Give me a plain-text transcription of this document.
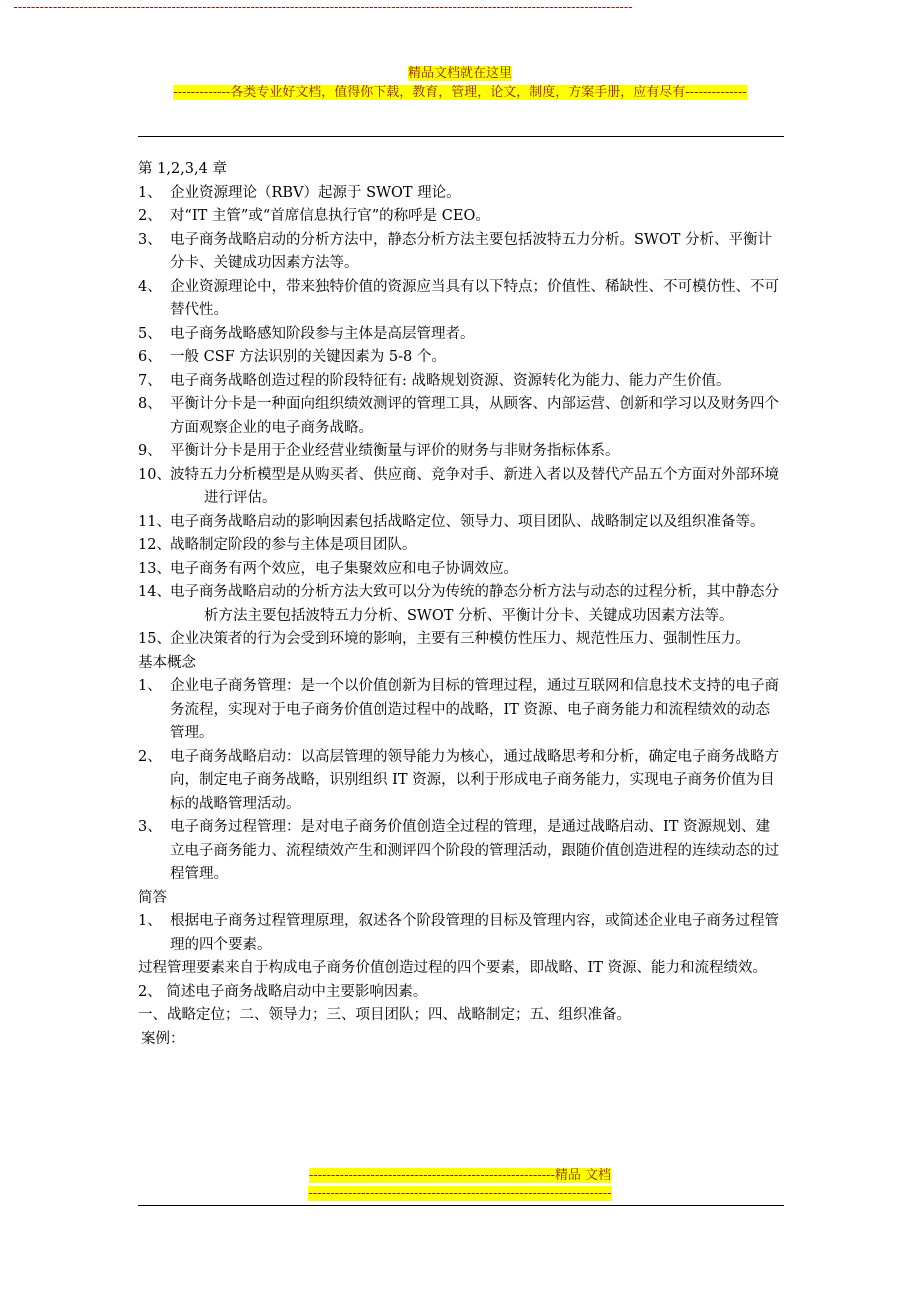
精品文档就在这里
-------------各类专业好文档，值得你下载，教育，管理，论文，制度，方案手册，应有尽有--------------
---------------------------------------------------------------------------------------------------------------------------------------------

第 1,2,3,4 章

1、 企业资源理论（RBV）起源于 SWOT 理论。
2、 对“IT 主管”或“首席信息执行官”的称呼是 CEO。
3、 电子商务战略启动的分析方法中，静态分析方法主要包括波特五力分析。SWOT 分析、平衡计分卡、关键成功因素方法等。
4、 企业资源理论中，带来独特价值的资源应当具有以下特点；价值性、稀缺性、不可模仿性、不可替代性。
5、 电子商务战略感知阶段参与主体是高层管理者。
6、 一般 CSF 方法识别的关键因素为 5-8 个。
7、 电子商务战略创造过程的阶段特征有: 战略规划资源、资源转化为能力、能力产生价值。
8、 平衡计分卡是一种面向组织绩效测评的管理工具，从顾客、内部运营、创新和学习以及财务四个方面观察企业的电子商务战略。
9、 平衡计分卡是用于企业经营业绩衡量与评价的财务与非财务指标体系。
10、 波特五力分析模型是从购买者、供应商、竞争对手、新进入者以及替代产品五个方面对外部环境进行评估。
11、 电子商务战略启动的影响因素包括战略定位、领导力、项目团队、战略制定以及组织准备等。
12、 战略制定阶段的参与主体是项目团队。
13、 电子商务有两个效应，电子集聚效应和电子协调效应。
14、 电子商务战略启动的分析方法大致可以分为传统的静态分析方法与动态的过程分析，其中静态分析方法主要包括波特五力分析、SWOT 分析、平衡计分卡、关键成功因素方法等。
15、 企业决策者的行为会受到环境的影响，主要有三种模仿性压力、规范性压力、强制性压力。

基本概念

1、 企业电子商务管理：是一个以价值创新为目标的管理过程，通过互联网和信息技术支持的电子商务流程，实现对于电子商务价值创造过程中的战略，IT 资源、电子商务能力和流程绩效的动态管理。
2、 电子商务战略启动：以高层管理的领导能力为核心，通过战略思考和分析，确定电子商务战略方向，制定电子商务战略，识别组织 IT 资源，以利于形成电子商务能力，实现电子商务价值为目标的战略管理活动。
3、 电子商务过程管理：是对电子商务价值创造全过程的管理，是通过战略启动、IT 资源规划、建立电子商务能力、流程绩效产生和测评四个阶段的管理活动，跟随价值创造进程的连续动态的过程管理。

简答

1、 根据电子商务过程管理原理，叙述各个阶段管理的目标及管理内容，或简述企业电子商务过程管理的四个要素。

过程管理要素来自于构成电子商务价值创造过程的四个要素，即战略、IT 资源、能力和流程绩效。

2、 简述电子商务战略启动中主要影响因素。

一、战略定位；二、领导力；三、项目团队；四、战略制定；五、组织准备。

案例：

--------------------------------------------------------精品 文档
---------------------------------------------------------------------
